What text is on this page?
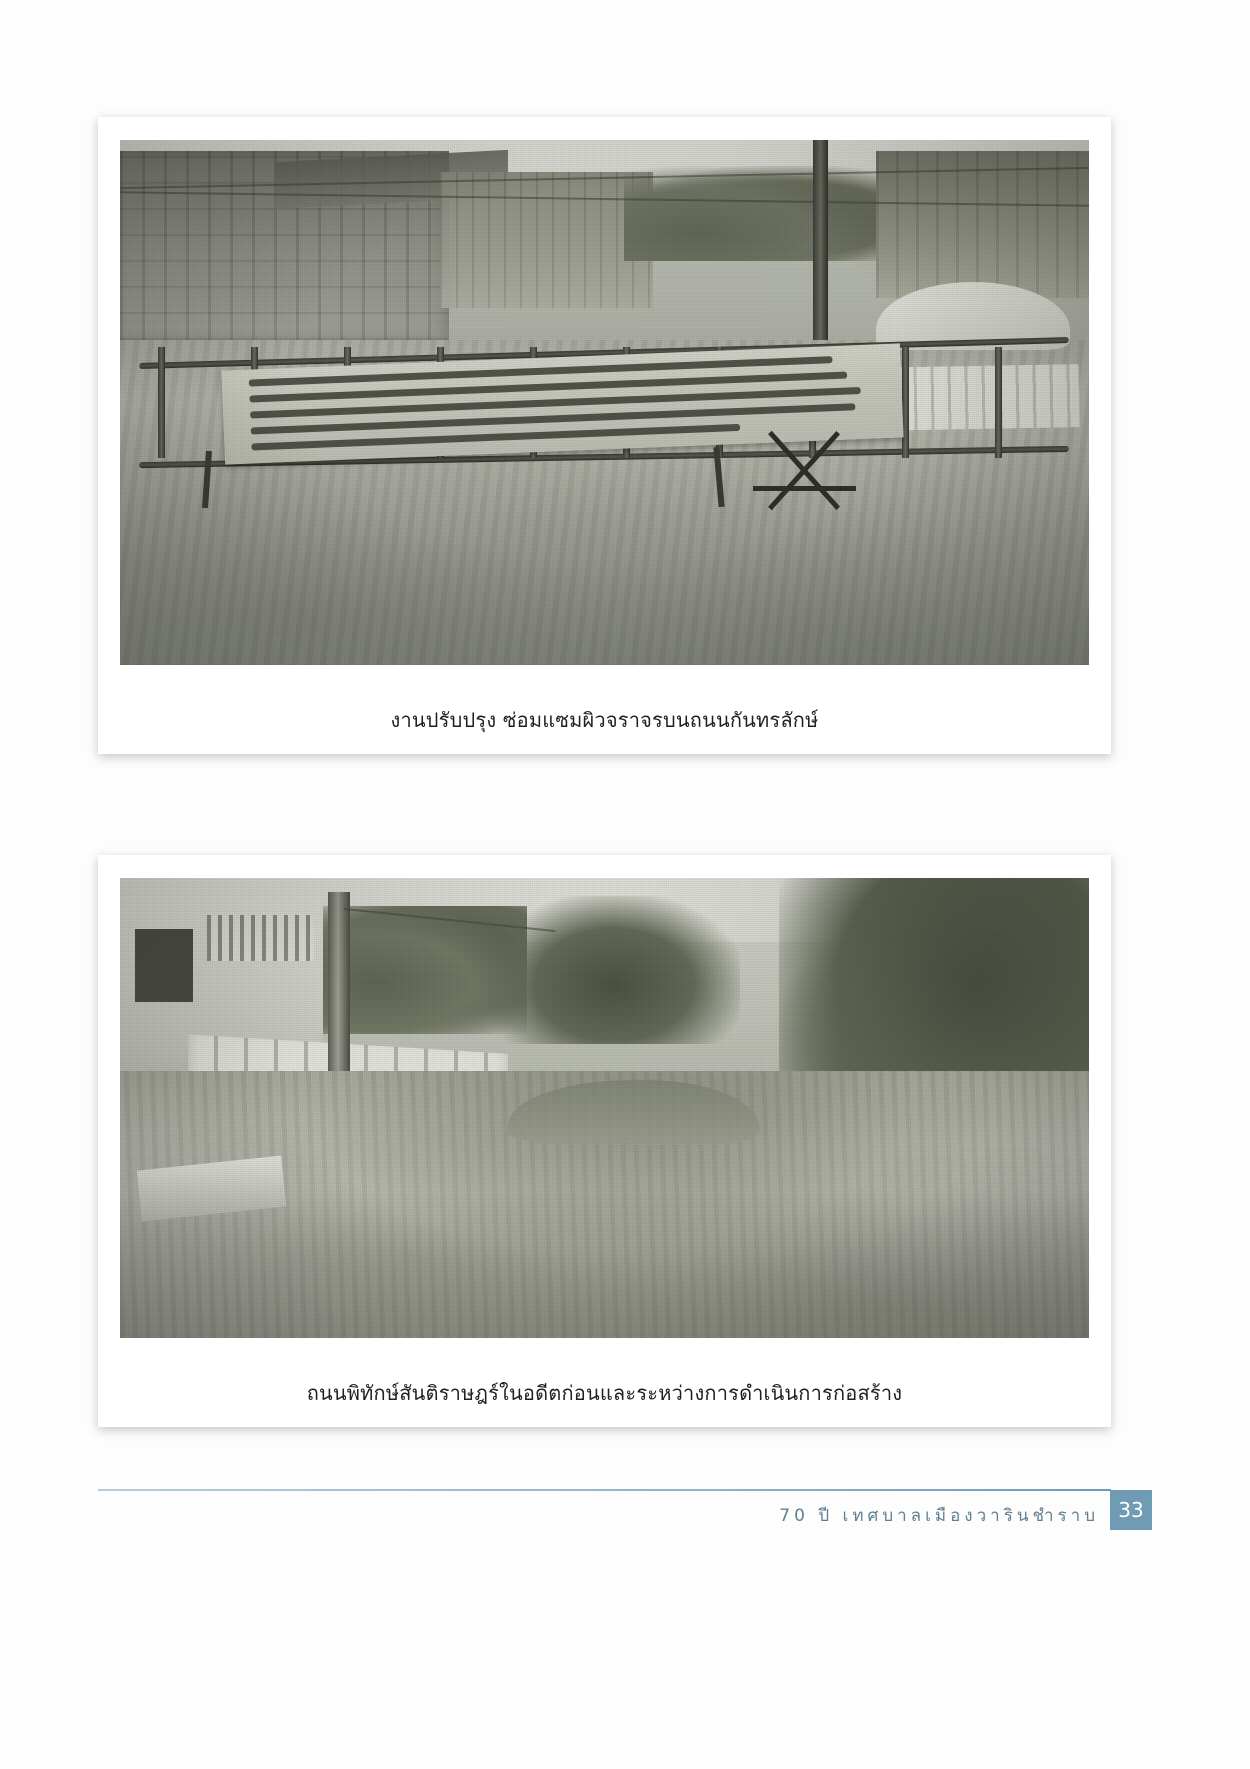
งานปรับปรุง ซ่อมแซมผิวจราจรบนถนนกันทรลักษ์
ถนนพิทักษ์สันติราษฎร์ในอดีตก่อนและระหว่างการดำเนินการก่อสร้าง
70 ปี เทศบาลเมืองวารินชำราบ 33
